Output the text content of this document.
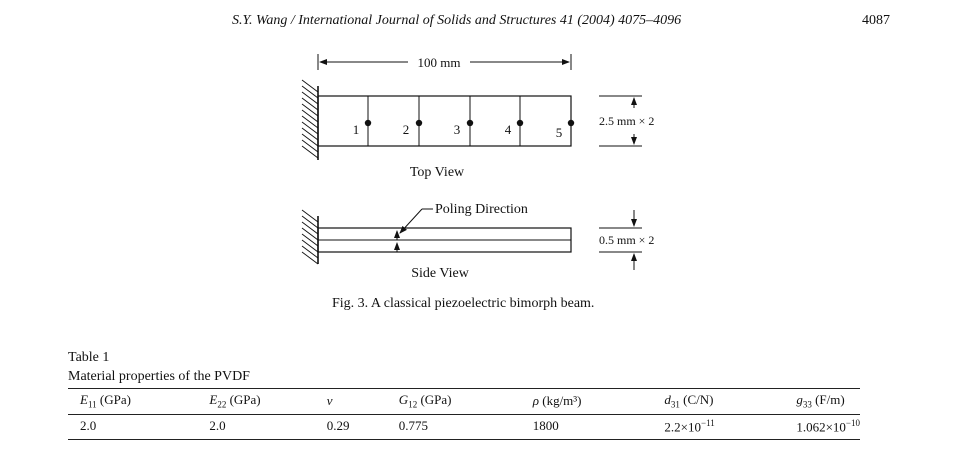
S.Y. Wang / International Journal of Solids and Structures 41 (2004) 4075–4096	4087
100 mm
1	2	3	4	5
2.5 mm × 2
Top View
Poling Direction
0.5 mm × 2
Side View
Fig. 3. A classical piezoelectric bimorph beam.
Table 1
Material properties of the PVDF
$E_{11}$ (GPa)	$E_{22}$ (GPa)	ν	$G_{12}$ (GPa)	ρ (kg/m³)	$d_{31}$ (C/N)	$g_{33}$ (F/m)
2.0	2.0	0.29	0.775	1800	$2.2\times 10^{-11}$	$1.062\times 10^{-10}$
